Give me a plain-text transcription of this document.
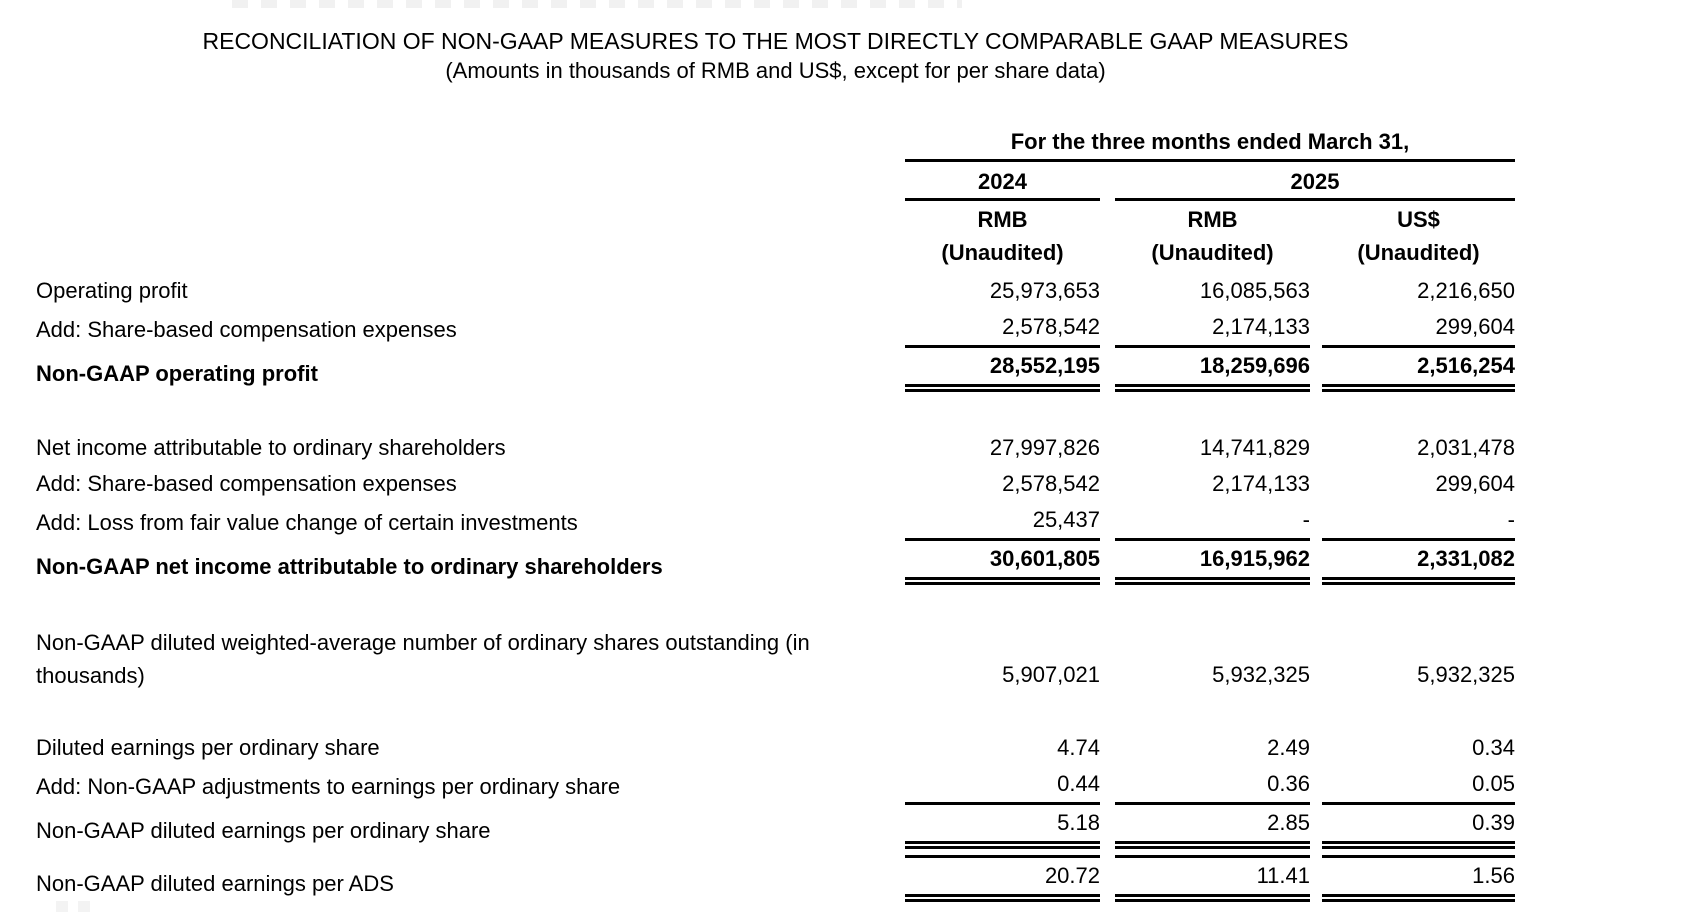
RECONCILIATION OF NON-GAAP MEASURES TO THE MOST DIRECTLY COMPARABLE GAAP MEASURES
(Amounts in thousands of RMB and US$, except for per share data)
For the three months ended March 31,
2024	2025
RMB	RMB	US$
(Unaudited)	(Unaudited)	(Unaudited)
Operating profit	25,973,653	16,085,563	2,216,650
Add: Share-based compensation expenses	2,578,542	2,174,133	299,604
Non-GAAP operating profit	28,552,195	18,259,696	2,516,254
Net income attributable to ordinary shareholders	27,997,826	14,741,829	2,031,478
Add: Share-based compensation expenses	2,578,542	2,174,133	299,604
Add: Loss from fair value change of certain investments	25,437	-	-
Non-GAAP net income attributable to ordinary shareholders	30,601,805	16,915,962	2,331,082
Non-GAAP diluted weighted-average number of ordinary shares outstanding (in thousands)	5,907,021	5,932,325	5,932,325
Diluted earnings per ordinary share	4.74	2.49	0.34
Add: Non-GAAP adjustments to earnings per ordinary share	0.44	0.36	0.05
Non-GAAP diluted earnings per ordinary share	5.18	2.85	0.39
Non-GAAP diluted earnings per ADS	20.72	11.41	1.56
